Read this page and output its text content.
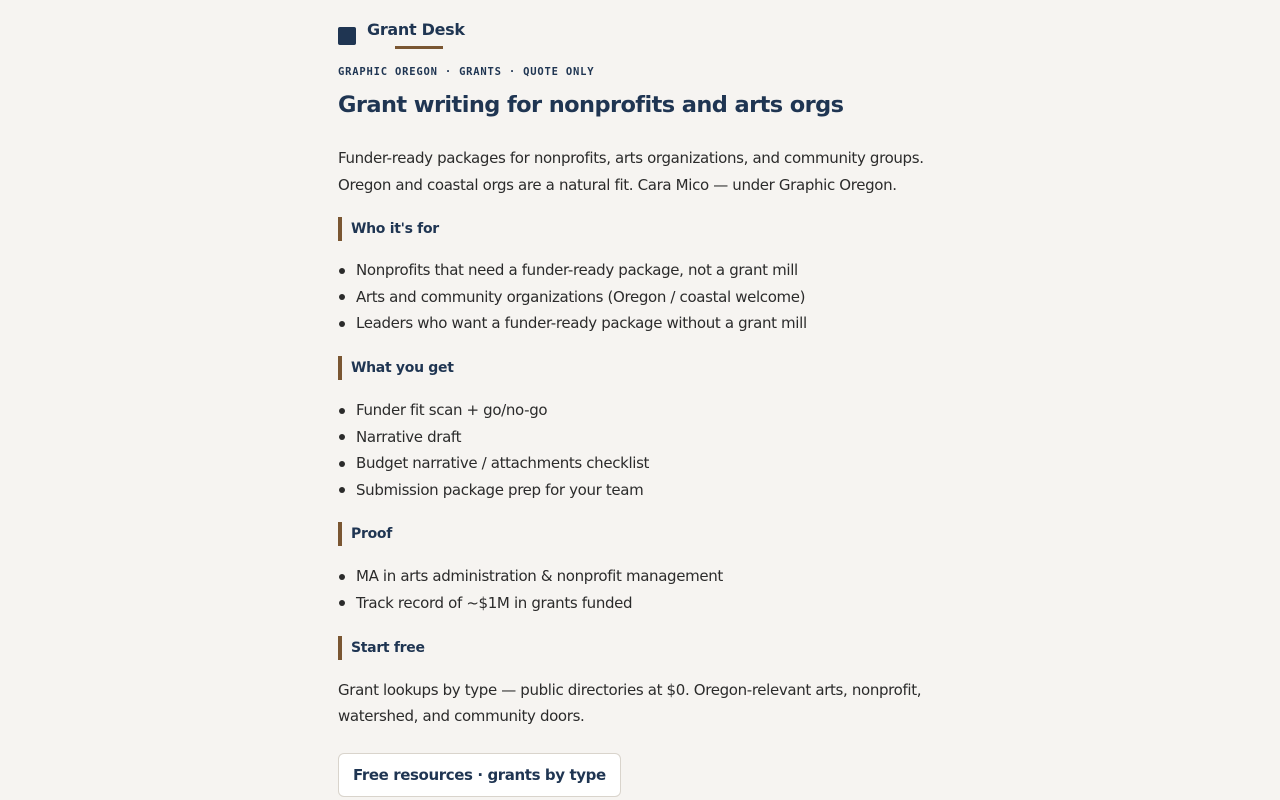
Grant Desk
GRAPHIC OREGON · GRANTS · QUOTE ONLY
Grant writing for nonprofits and arts orgs

Funder-ready packages for nonprofits, arts organizations, and community groups. Oregon and coastal orgs are a natural fit. Cara Mico — under Graphic Oregon.

Who it's for
Nonprofits that need a funder-ready package, not a grant mill
Arts and community organizations (Oregon / coastal welcome)
Leaders who want a funder-ready package without a grant mill
What you get
Funder fit scan + go/no-go
Narrative draft
Budget narrative / attachments checklist
Submission package prep for your team
Proof
MA in arts administration & nonprofit management
Track record of ~$1M in grants funded
Start free

Grant lookups by type — public directories at $0. Oregon-relevant arts, nonprofit, watershed, and community doors.

Free resources · grants by type
